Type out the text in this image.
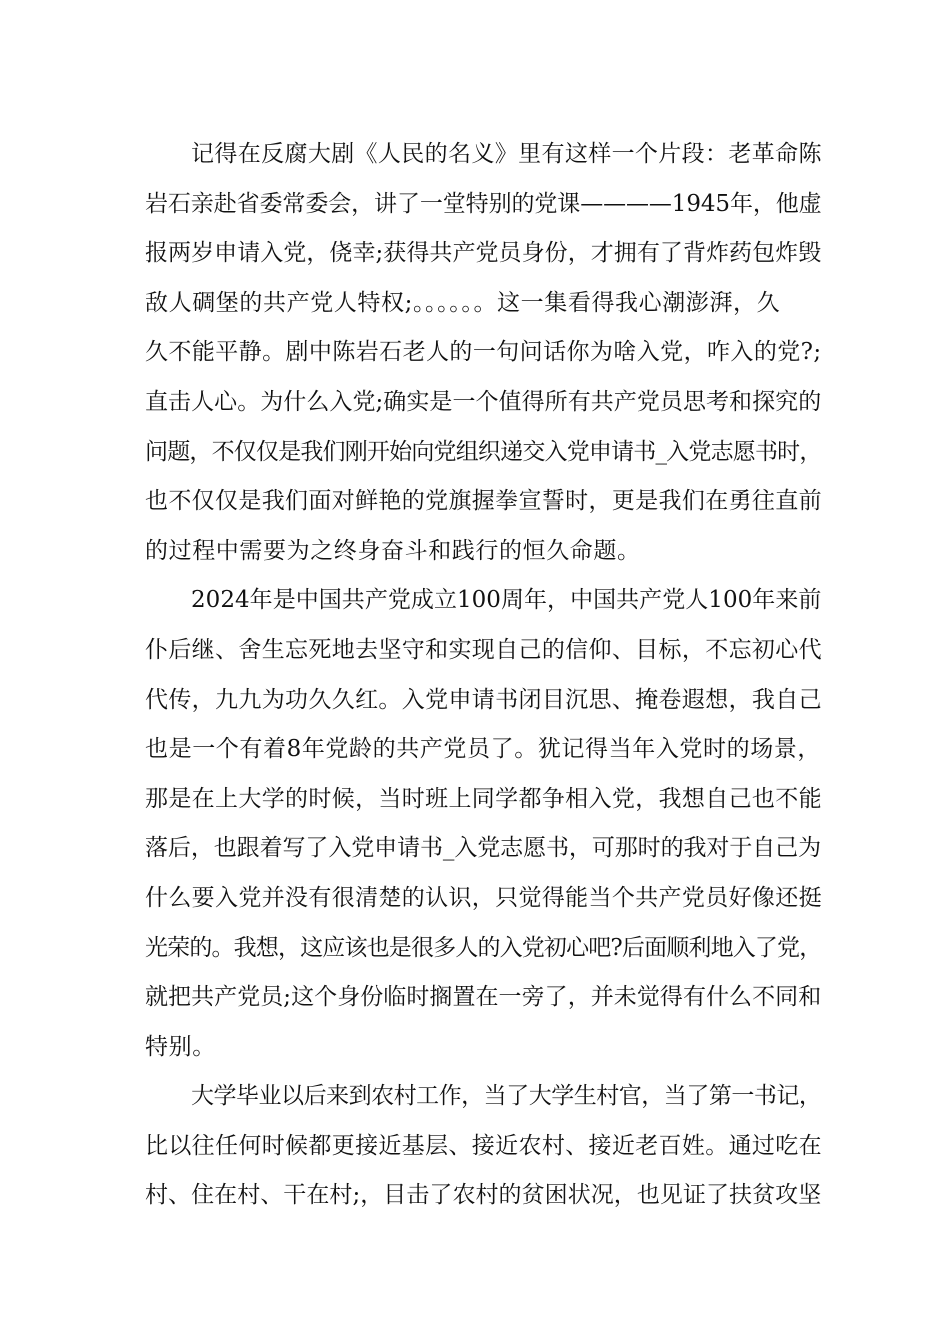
记得在反腐大剧《人民的名义》里有这样一个片段：老革命陈
岩石亲赴省委常委会，讲了一堂特别的党课————1945年，他虚
报两岁申请入党，侥幸;获得共产党员身份，才拥有了背炸药包炸毁
敌人碉堡的共产党人特权;。。。。。。这一集看得我心潮澎湃，久
久不能平静。剧中陈岩石老人的一句问话你为啥入党，咋入的党?;
直击人心。为什么入党;确实是一个值得所有共产党员思考和探究的
问题，不仅仅是我们刚开始向党组织递交入党申请书_入党志愿书时，
也不仅仅是我们面对鲜艳的党旗握拳宣誓时，更是我们在勇往直前
的过程中需要为之终身奋斗和践行的恒久命题。

2024年是中国共产党成立100周年，中国共产党人100年来前
仆后继、舍生忘死地去坚守和实现自己的信仰、目标，不忘初心代
代传，九九为功久久红。入党申请书闭目沉思、掩卷遐想，我自己
也是一个有着8年党龄的共产党员了。犹记得当年入党时的场景，
那是在上大学的时候，当时班上同学都争相入党，我想自己也不能
落后，也跟着写了入党申请书_入党志愿书，可那时的我对于自己为
什么要入党并没有很清楚的认识，只觉得能当个共产党员好像还挺
光荣的。我想，这应该也是很多人的入党初心吧?后面顺利地入了党，
就把共产党员;这个身份临时搁置在一旁了，并未觉得有什么不同和
特别。

大学毕业以后来到农村工作，当了大学生村官，当了第一书记，
比以往任何时候都更接近基层、接近农村、接近老百姓。通过吃在
村、住在村、干在村;，目击了农村的贫困状况，也见证了扶贫攻坚
